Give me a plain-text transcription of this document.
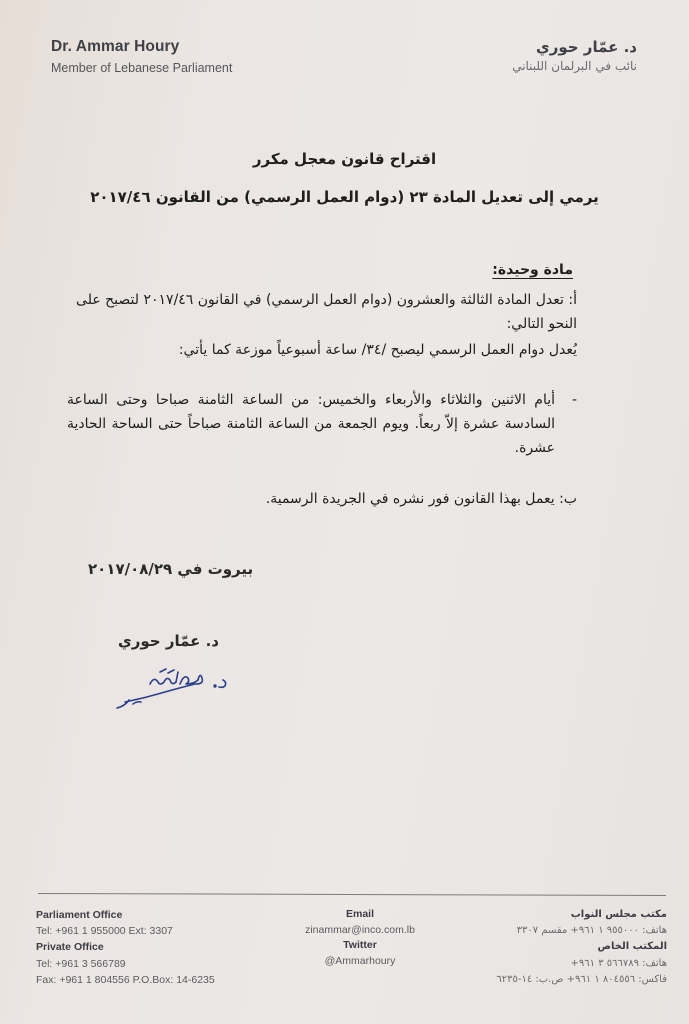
Dr. Ammar Houry
Member of Lebanese Parliament
د. عمّار حوري
نائب في البرلمان اللبناني
اقتراح قانون معجل مكرر
يرمي إلى تعديل المادة ٢٣ (دوام العمل الرسمي) من القانون ٢٠١٧/٤٦
مادة وحيدة:
أ: تعدل المادة الثالثة والعشرون (دوام العمل الرسمي) في القانون ٢٠١٧/٤٦ لتصبح على النحو التالي:
يُعدل دوام العمل الرسمي ليصبح /٣٤/ ساعة أسبوعياً موزعة كما يأتي:
-
أيام الاثنين والثلاثاء والأربعاء والخميس: من الساعة الثامنة صباحا وحتى الساعة السادسة عشرة إلاّ ربعاً. ويوم الجمعة من الساعة الثامنة صباحاً حتى الساحة الحادية عشرة.
ب: يعمل بهذا القانون فور نشره في الجريدة الرسمية.
بيروت في ٢٠١٧/٠٨/٢٩
د. عمّار حوري
Parliament Office
Tel: +961 1 955000 Ext: 3307
Private Office
Tel: +961 3 566789
Fax: +961 1 804556 P.O.Box: 14-6235
Email
zinammar@inco.com.lb
Twitter
@Ammarhoury
مكتب مجلس النواب
هاتف: ٩٥٥٠٠٠ ١ ٩٦١+ مقسم ٣٣٠٧
المكتب الخاص
هاتف: ٥٦٦٧٨٩ ٣ ٩٦١+
فاكس: ٨٠٤٥٥٦ ١ ٩٦١+ ص.ب: ١٤-٦٢٣٥
